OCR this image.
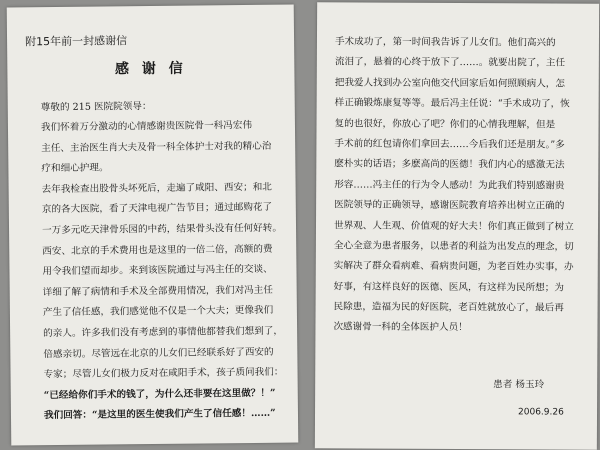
附15年前一封感谢信
感 谢 信
尊敬的 215 医院院领导：
我们怀着万分激动的心情感谢贵医院骨一科冯宏伟
主任、主治医生肖大夫及骨一科全体护士对我的精心治
疗和细心护理。
去年我检查出股骨头坏死后，走遍了咸阳、西安；和北
京的各大医院，看了天津电视广告节目；通过邮购花了
一万多元吃天津骨乐园的中药，结果骨头没有任何好转。
西安、北京的手术费用也是这里的一倍二倍，高额的费
用令我们望而却步。来到该医院通过与冯主任的交谈、
详细了解了病情和手术及全部费用情况，我们对冯主任
产生了信任感，我们感觉他不仅是一个大夫；更像我们
的亲人。许多我们没有考虑到的事情他都替我们想到了，
倍感亲切。尽管远在北京的儿女们已经联系好了西安的
专家；尽管儿女们极力反对在咸阳手术，孩子质问我们：
“已经给你们手术的钱了，为什么还非要在这里做？！”
我们回答：“是这里的医生使我们产生了信任感！……”
手术成功了，第一时间我告诉了儿女们。他们高兴的
流泪了，悬着的心终于放下了……。就要出院了，主任
把我爱人找到办公室向他交代回家后如何照顾病人，怎
样正确锻炼康复等等。最后冯主任说：“手术成功了，恢
复的也很好，你放心了吧？你们的心情我理解，但是
手术前的红包请你们拿回去……今后我们还是朋友。”多
麽朴实的话语；多麽高尚的医德！我们内心的感激无法
形容……冯主任的行为令人感动！为此我们特别感谢贵
医院领导的正确领导，感谢医院教育培养出树立正确的
世界观、人生观、价值观的好大夫！你们真正做到了树立
全心全意为患者服务，以患者的利益为出发点的理念，切
实解决了群众看病难、看病贵问题，为老百姓办实事，办
好事，有这样良好的医德、医风，有这样为民所想；为
民除患，造福为民的好医院，老百姓就放心了，最后再
次感谢骨一科的全体医护人员！
患者 杨玉玲
2006.9.26
